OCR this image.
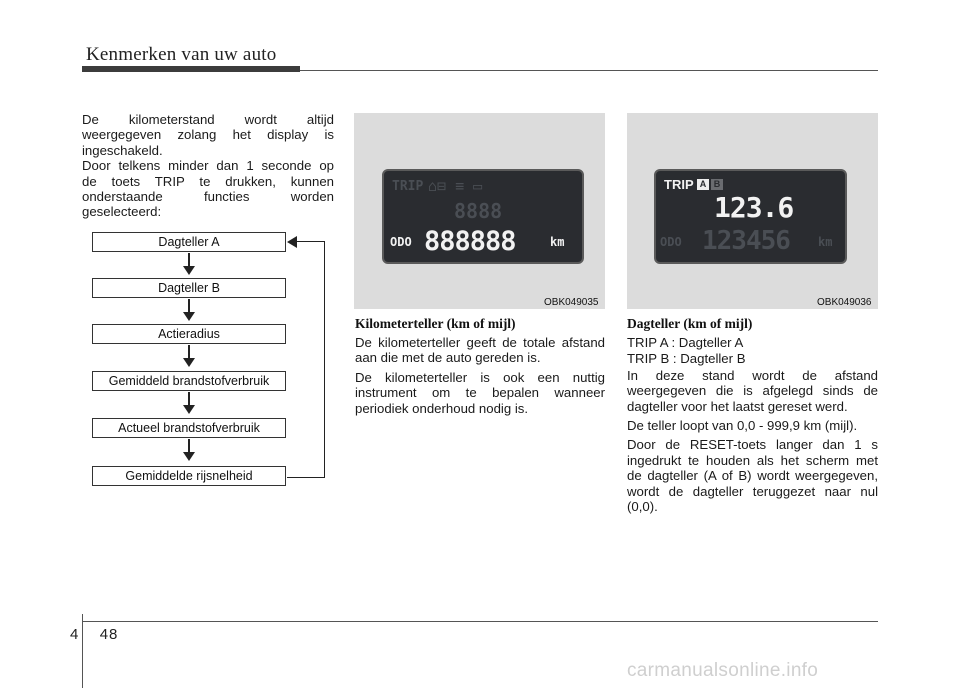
Kenmerken van uw auto
De kilometerstand wordt altijd
weergegeven zolang het display is
ingeschakeld.
Door telkens minder dan 1 seconde op
de toets TRIP te drukken, kunnen
onderstaande functies worden
geselecteerd:
Dagteller A
Dagteller B
Actieradius
Gemiddeld brandstofverbruik
Actueel brandstofverbruik
Gemiddelde rijsnelheid
TRIP ⌂⊟ ≡ ▭
8888
ODO 888888	km
OBK049035
TRIP A B
123.6
ODO 123456 km
OBK049036
Kilometerteller (km of mijl)
De kilometerteller geeft de totale afstand
aan die met de auto gereden is.
De kilometerteller is ook een nuttig
instrument om te bepalen wanneer
periodiek onderhoud nodig is.
Dagteller (km of mijl)
TRIP A : Dagteller A
TRIP B : Dagteller B
In deze stand wordt de afstand
weergegeven die is afgelegd sinds de
dagteller voor het laatst gereset werd.
De teller loopt van 0,0 - 999,9 km (mijl).
Door de RESET-toets langer dan 1 s
ingedrukt te houden als het scherm met
de dagteller (A of B) wordt weergegeven,
wordt de dagteller teruggezet naar nul
(0,0).
4 48
carmanualsonline.info
